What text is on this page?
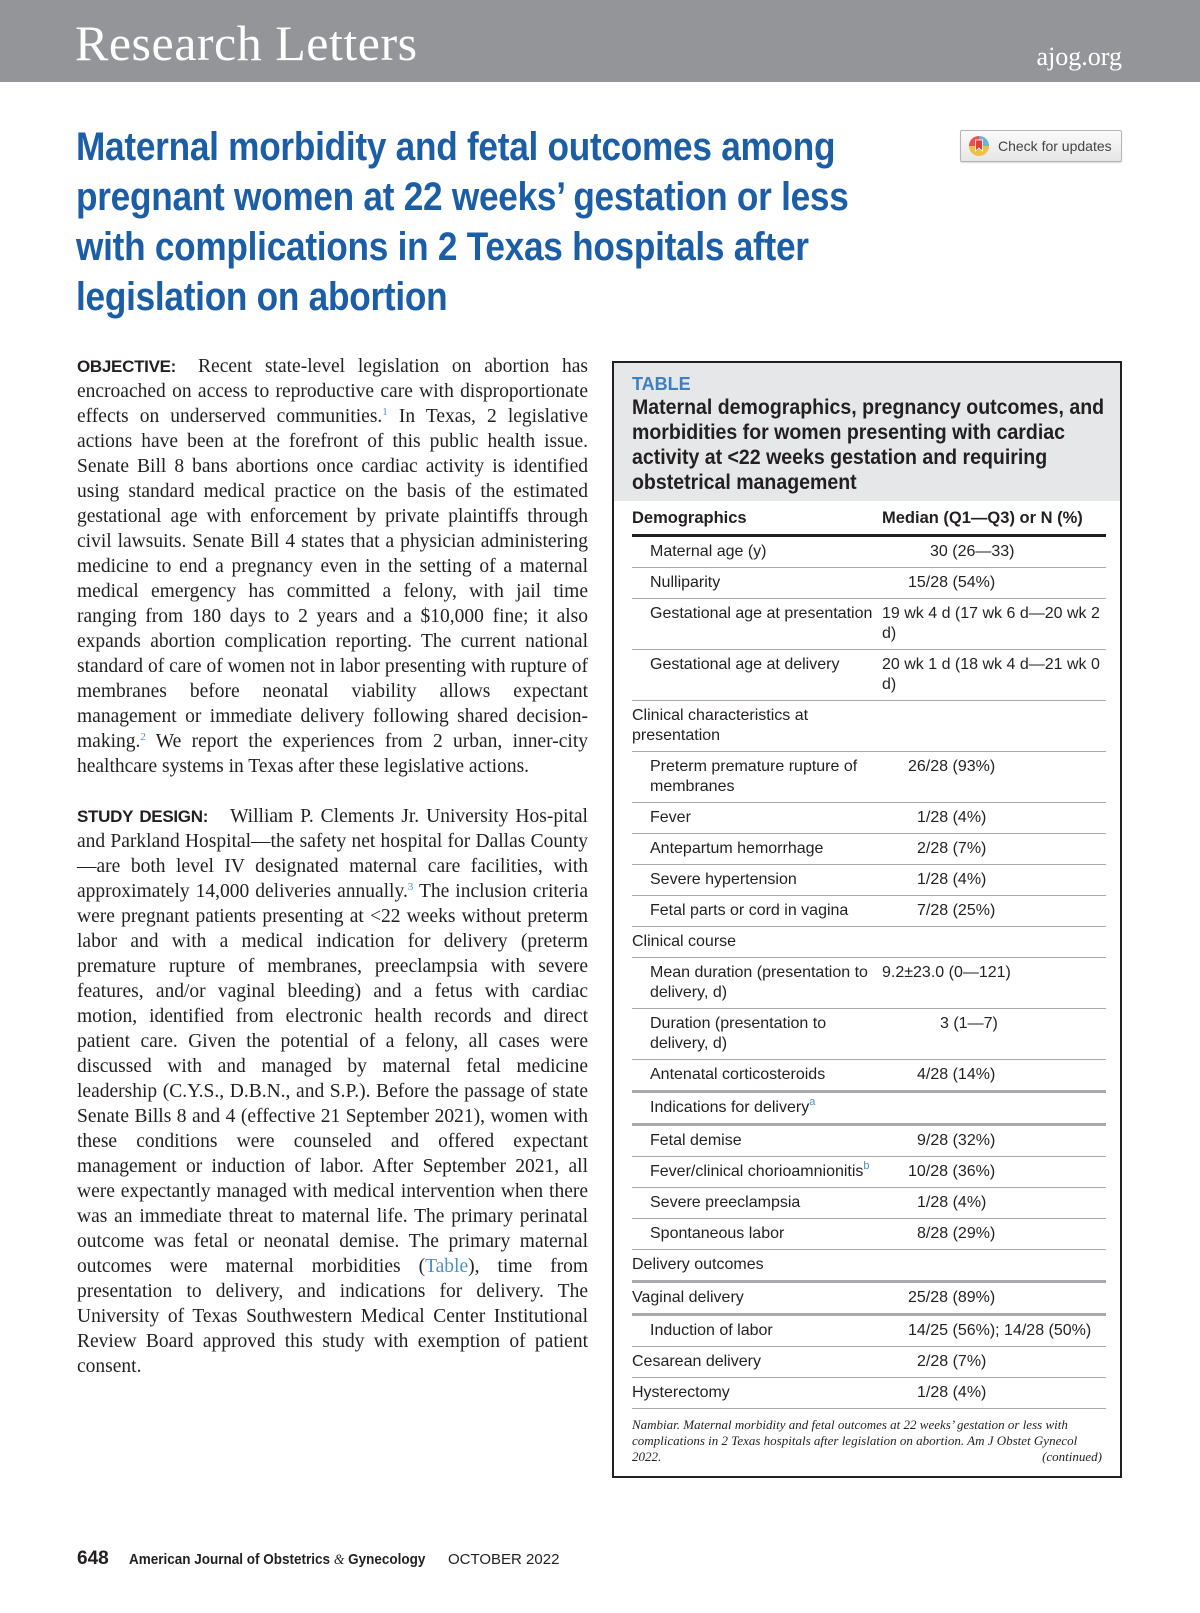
Research Letters	ajog.org
Maternal morbidity and fetal outcomes among pregnant women at 22 weeks’ gestation or less with complications in 2 Texas hospitals after legislation on abortion
Check for updates

OBJECTIVE: Recent state-level legislation on abortion has encroached on access to reproductive care with disproportionate effects on underserved communities.$^1$ In Texas, 2 legislative actions have been at the forefront of this public health issue. Senate Bill 8 bans abortions once cardiac activity is identified using standard medical practice on the basis of the estimated gestational age with enforcement by private plaintiffs through civil lawsuits. Senate Bill 4 states that a physician administering medicine to end a pregnancy even in the setting of a maternal medical emergency has committed a felony, with jail time ranging from 180 days to 2 years and a $10,000 fine; it also expands abortion complication reporting. The current national standard of care of women not in labor presenting with rupture of membranes before neonatal viability allows expectant management or immediate delivery following shared decision-making.$^2$ We report the experiences from 2 urban, inner-city healthcare systems in Texas after these legislative actions.

STUDY DESIGN: William P. Clements Jr. University Hos-pital and Parkland Hospital—the safety net hospital for Dallas County—are both level IV designated maternal care facilities, with approximately 14,000 deliveries annually.$^3$ The inclusion criteria were pregnant patients presenting at <22 weeks without preterm labor and with a medical indication for delivery (preterm premature rupture of membranes, preeclampsia with severe features, and/or vaginal bleeding) and a fetus with cardiac motion, identified from electronic health records and direct patient care. Given the potential of a felony, all cases were discussed with and managed by maternal fetal medicine leadership (C.Y.S., D.B.N., and S.P.). Before the passage of state Senate Bills 8 and 4 (effective 21 September 2021), women with these conditions were counseled and offered expectant management or induction of labor. After September 2021, all were expectantly managed with medical intervention when there was an immediate threat to maternal life. The primary perinatal outcome was fetal or neonatal demise. The primary maternal outcomes were maternal morbidities (Table), time from presentation to delivery, and indications for delivery. The University of Texas Southwestern Medical Center Institutional Review Board approved this study with exemption of patient consent.

TABLE
Maternal demographics, pregnancy outcomes, and morbidities for women presenting with cardiac activity at <22 weeks gestation and requiring obstetrical management
Demographics	Median (Q1—Q3) or N (%)
Maternal age (y)	30 (26—33)
Nulliparity	15/28 (54%)
Gestational age at presentation	19 wk 4 d (17 wk 6 d—20 wk 2 d)
Gestational age at delivery	20 wk 1 d (18 wk 4 d—21 wk 0 d)
Clinical characteristics at presentation	
Preterm premature rupture of membranes	26/28 (93%)
Fever	1/28 (4%)
Antepartum hemorrhage	2/28 (7%)
Severe hypertension	1/28 (4%)
Fetal parts or cord in vagina	7/28 (25%)
Clinical course	
Mean duration (presentation to delivery, d)	9.2±23.0 (0—121)
Duration (presentation to delivery, d)	3 (1—7)
Antenatal corticosteroids	4/28 (14%)
Indications for delivery$^a$	
Fetal demise	9/28 (32%)
Fever/clinical chorioamnionitis$^b$	10/28 (36%)
Severe preeclampsia	1/28 (4%)
Spontaneous labor	8/28 (29%)
Delivery outcomes	
Vaginal delivery	25/28 (89%)
Induction of labor	14/25 (56%); 14/28 (50%)
Cesarean delivery	2/28 (7%)
Hysterectomy	1/28 (4%)
Nambiar. Maternal morbidity and fetal outcomes at 22 weeks’ gestation or less with complications in 2 Texas hospitals after legislation on abortion. Am J Obstet Gynecol 2022.	(continued)
648 American Journal of Obstetrics & Gynecology OCTOBER 2022
